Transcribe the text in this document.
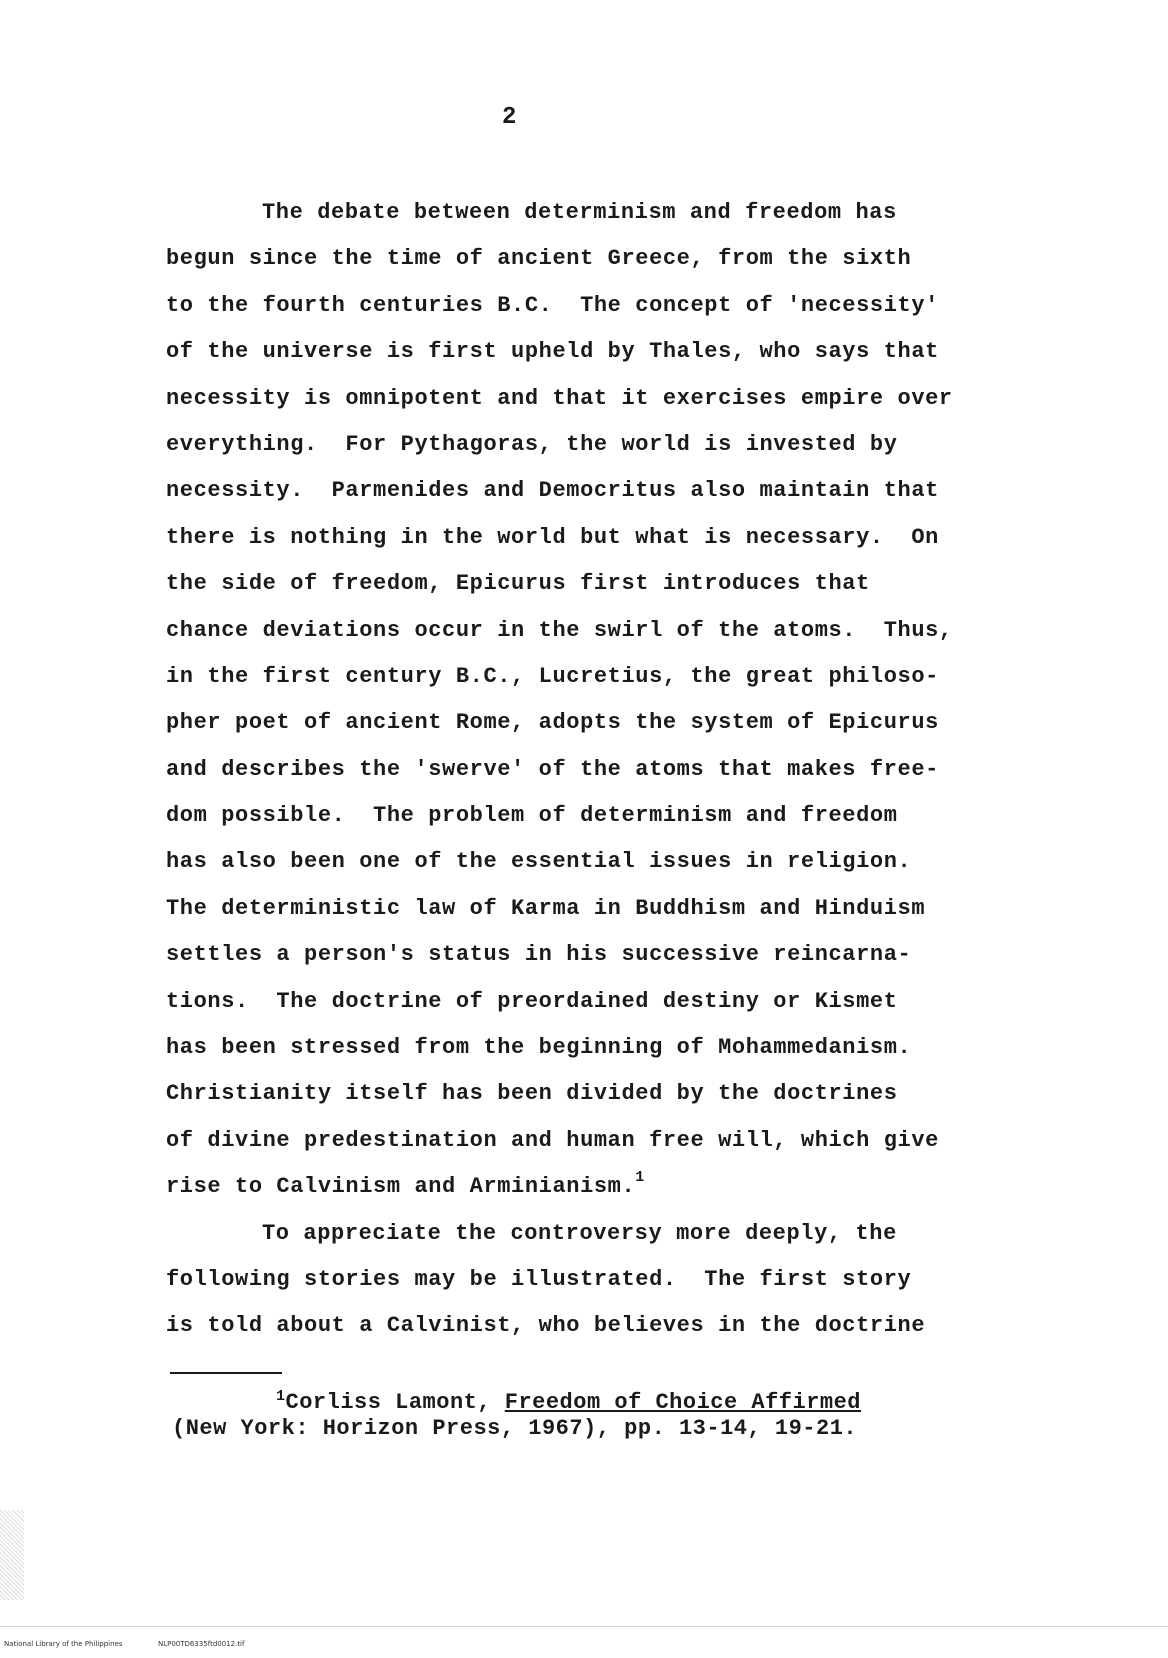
2
The debate between determinism and freedom has
begun since the time of ancient Greece, from the sixth
to the fourth centuries B.C.  The concept of 'necessity'
of the universe is first upheld by Thales, who says that
necessity is omnipotent and that it exercises empire over
everything.  For Pythagoras, the world is invested by
necessity.  Parmenides and Democritus also maintain that
there is nothing in the world but what is necessary.  On
the side of freedom, Epicurus first introduces that
chance deviations occur in the swirl of the atoms.  Thus,
in the first century B.C., Lucretius, the great philoso-
pher poet of ancient Rome, adopts the system of Epicurus
and describes the 'swerve' of the atoms that makes free-
dom possible.  The problem of determinism and freedom
has also been one of the essential issues in religion.
The deterministic law of Karma in Buddhism and Hinduism
settles a person's status in his successive reincarna-
tions.  The doctrine of preordained destiny or Kismet
has been stressed from the beginning of Mohammedanism.
Christianity itself has been divided by the doctrines
of divine predestination and human free will, which give
rise to Calvinism and Arminianism.$^1$
To appreciate the controversy more deeply, the
following stories may be illustrated.  The first story
is told about a Calvinist, who believes in the doctrine
$^1$Corliss Lamont, Freedom of Choice Affirmed
(New York: Horizon Press, 1967), pp. 13-14, 19-21.
National Library of the Philippines	NLP00TD6335ftd0012.tif
